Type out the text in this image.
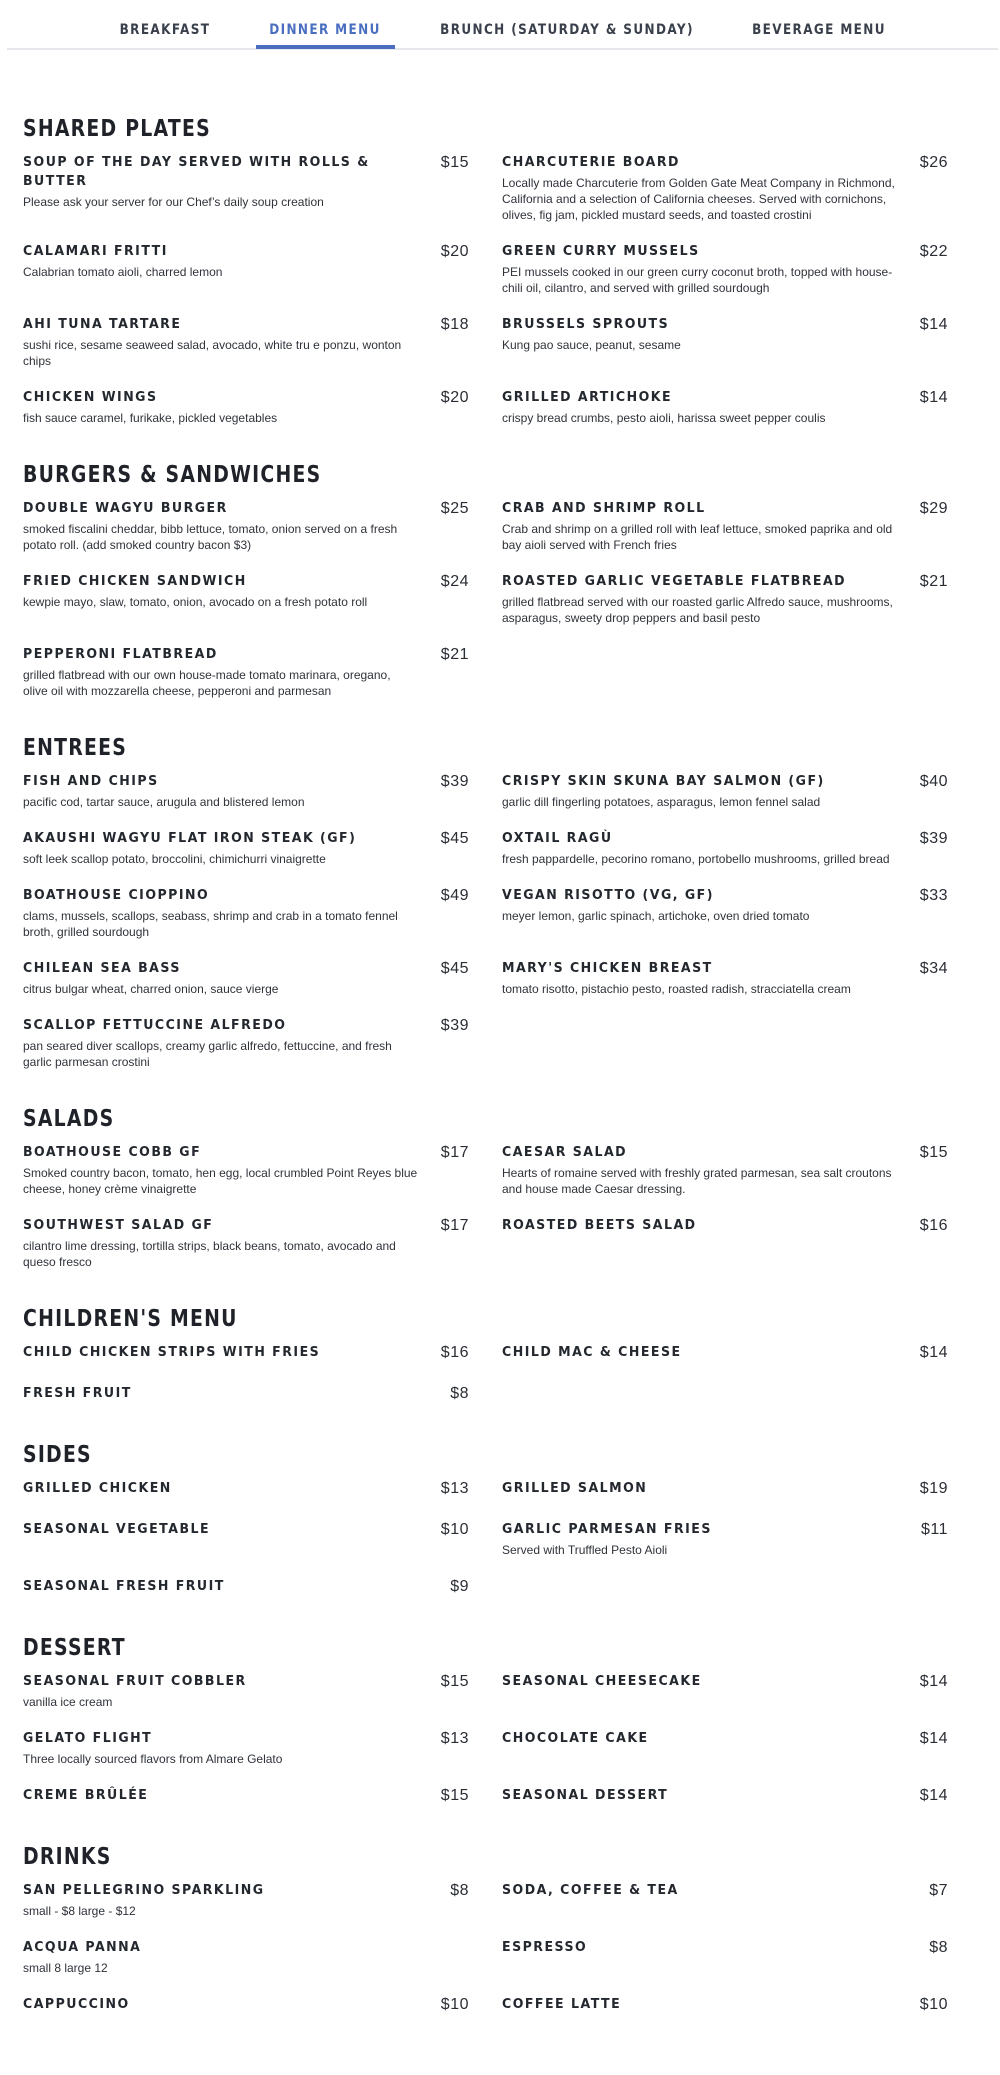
BREAKFAST	DINNER MENU	BRUNCH (SATURDAY & SUNDAY)	BEVERAGE MENU
SHARED PLATES
SOUP OF THE DAY SERVED WITH ROLLS & BUTTER
$15
Please ask your server for our Chef’s daily soup creation
CHARCUTERIE BOARD	$26
Locally made Charcuterie from Golden Gate Meat Company in Richmond, California and a selection of California cheeses. Served with cornichons, olives, fig jam, pickled mustard seeds, and toasted crostini
CALAMARI FRITTI	$20
Calabrian tomato aioli, charred lemon
GREEN CURRY MUSSELS	$22
PEI mussels cooked in our green curry coconut broth, topped with house-chili oil, cilantro, and served with grilled sourdough
AHI TUNA TARTARE	$18
sushi rice, sesame seaweed salad, avocado, white tru e ponzu, wonton chips
BRUSSELS SPROUTS	$14
Kung pao sauce, peanut, sesame
CHICKEN WINGS	$20
fish sauce caramel, furikake, pickled vegetables
GRILLED ARTICHOKE	$14
crispy bread crumbs, pesto aioli, harissa sweet pepper coulis
BURGERS & SANDWICHES
DOUBLE WAGYU BURGER	$25
smoked fiscalini cheddar, bibb lettuce, tomato, onion served on a fresh potato roll. (add smoked country bacon $3)
CRAB AND SHRIMP ROLL	$29
Crab and shrimp on a grilled roll with leaf lettuce, smoked paprika and old bay aioli served with French fries
FRIED CHICKEN SANDWICH	$24
kewpie mayo, slaw, tomato, onion, avocado on a fresh potato roll
ROASTED GARLIC VEGETABLE FLATBREAD	$21
grilled flatbread served with our roasted garlic Alfredo sauce, mushrooms, asparagus, sweety drop peppers and basil pesto
PEPPERONI FLATBREAD	$21
grilled flatbread with our own house-made tomato marinara, oregano, olive oil with mozzarella cheese, pepperoni and parmesan
ENTREES
FISH AND CHIPS	$39
pacific cod, tartar sauce, arugula and blistered lemon
CRISPY SKIN SKUNA BAY SALMON (GF)	$40
garlic dill fingerling potatoes, asparagus, lemon fennel salad
AKAUSHI WAGYU FLAT IRON STEAK (GF)	$45
soft leek scallop potato, broccolini, chimichurri vinaigrette
OXTAIL RAGÙ	$39
fresh pappardelle, pecorino romano, portobello mushrooms, grilled bread
BOATHOUSE CIOPPINO	$49
clams, mussels, scallops, seabass, shrimp and crab in a tomato fennel broth, grilled sourdough
VEGAN RISOTTO (VG, GF)	$33
meyer lemon, garlic spinach, artichoke, oven dried tomato
CHILEAN SEA BASS	$45
citrus bulgar wheat, charred onion, sauce vierge
MARY'S CHICKEN BREAST	$34
tomato risotto, pistachio pesto, roasted radish, stracciatella cream
SCALLOP FETTUCCINE ALFREDO	$39
pan seared diver scallops, creamy garlic alfredo, fettuccine, and fresh garlic parmesan crostini
SALADS
BOATHOUSE COBB GF	$17
Smoked country bacon, tomato, hen egg, local crumbled Point Reyes blue cheese, honey crème vinaigrette
CAESAR SALAD	$15
Hearts of romaine served with freshly grated parmesan, sea salt croutons and house made Caesar dressing.
SOUTHWEST SALAD GF	$17
cilantro lime dressing, tortilla strips, black beans, tomato, avocado and queso fresco
ROASTED BEETS SALAD	$16
CHILDREN'S MENU
CHILD CHICKEN STRIPS WITH FRIES	$16 CHILD MAC & CHEESE	$14
FRESH FRUIT	$8
SIDES
GRILLED CHICKEN	$13 GRILLED SALMON	$19
SEASONAL VEGETABLE	$10 GARLIC PARMESAN FRIES	$11
Served with Truffled Pesto Aioli
SEASONAL FRESH FRUIT	$9
DESSERT
SEASONAL FRUIT COBBLER	$15
vanilla ice cream
SEASONAL CHEESECAKE	$14
GELATO FLIGHT	$13
Three locally sourced flavors from Almare Gelato
CHOCOLATE CAKE	$14
CREME BRÛLÉE	$15 SEASONAL DESSERT	$14
DRINKS
SAN PELLEGRINO SPARKLING	$8
small - $8 large - $12
SODA, COFFEE & TEA	$7
ACQUA PANNA
small 8 large 12
ESPRESSO	$8
CAPPUCCINO	$10 COFFEE LATTE	$10
